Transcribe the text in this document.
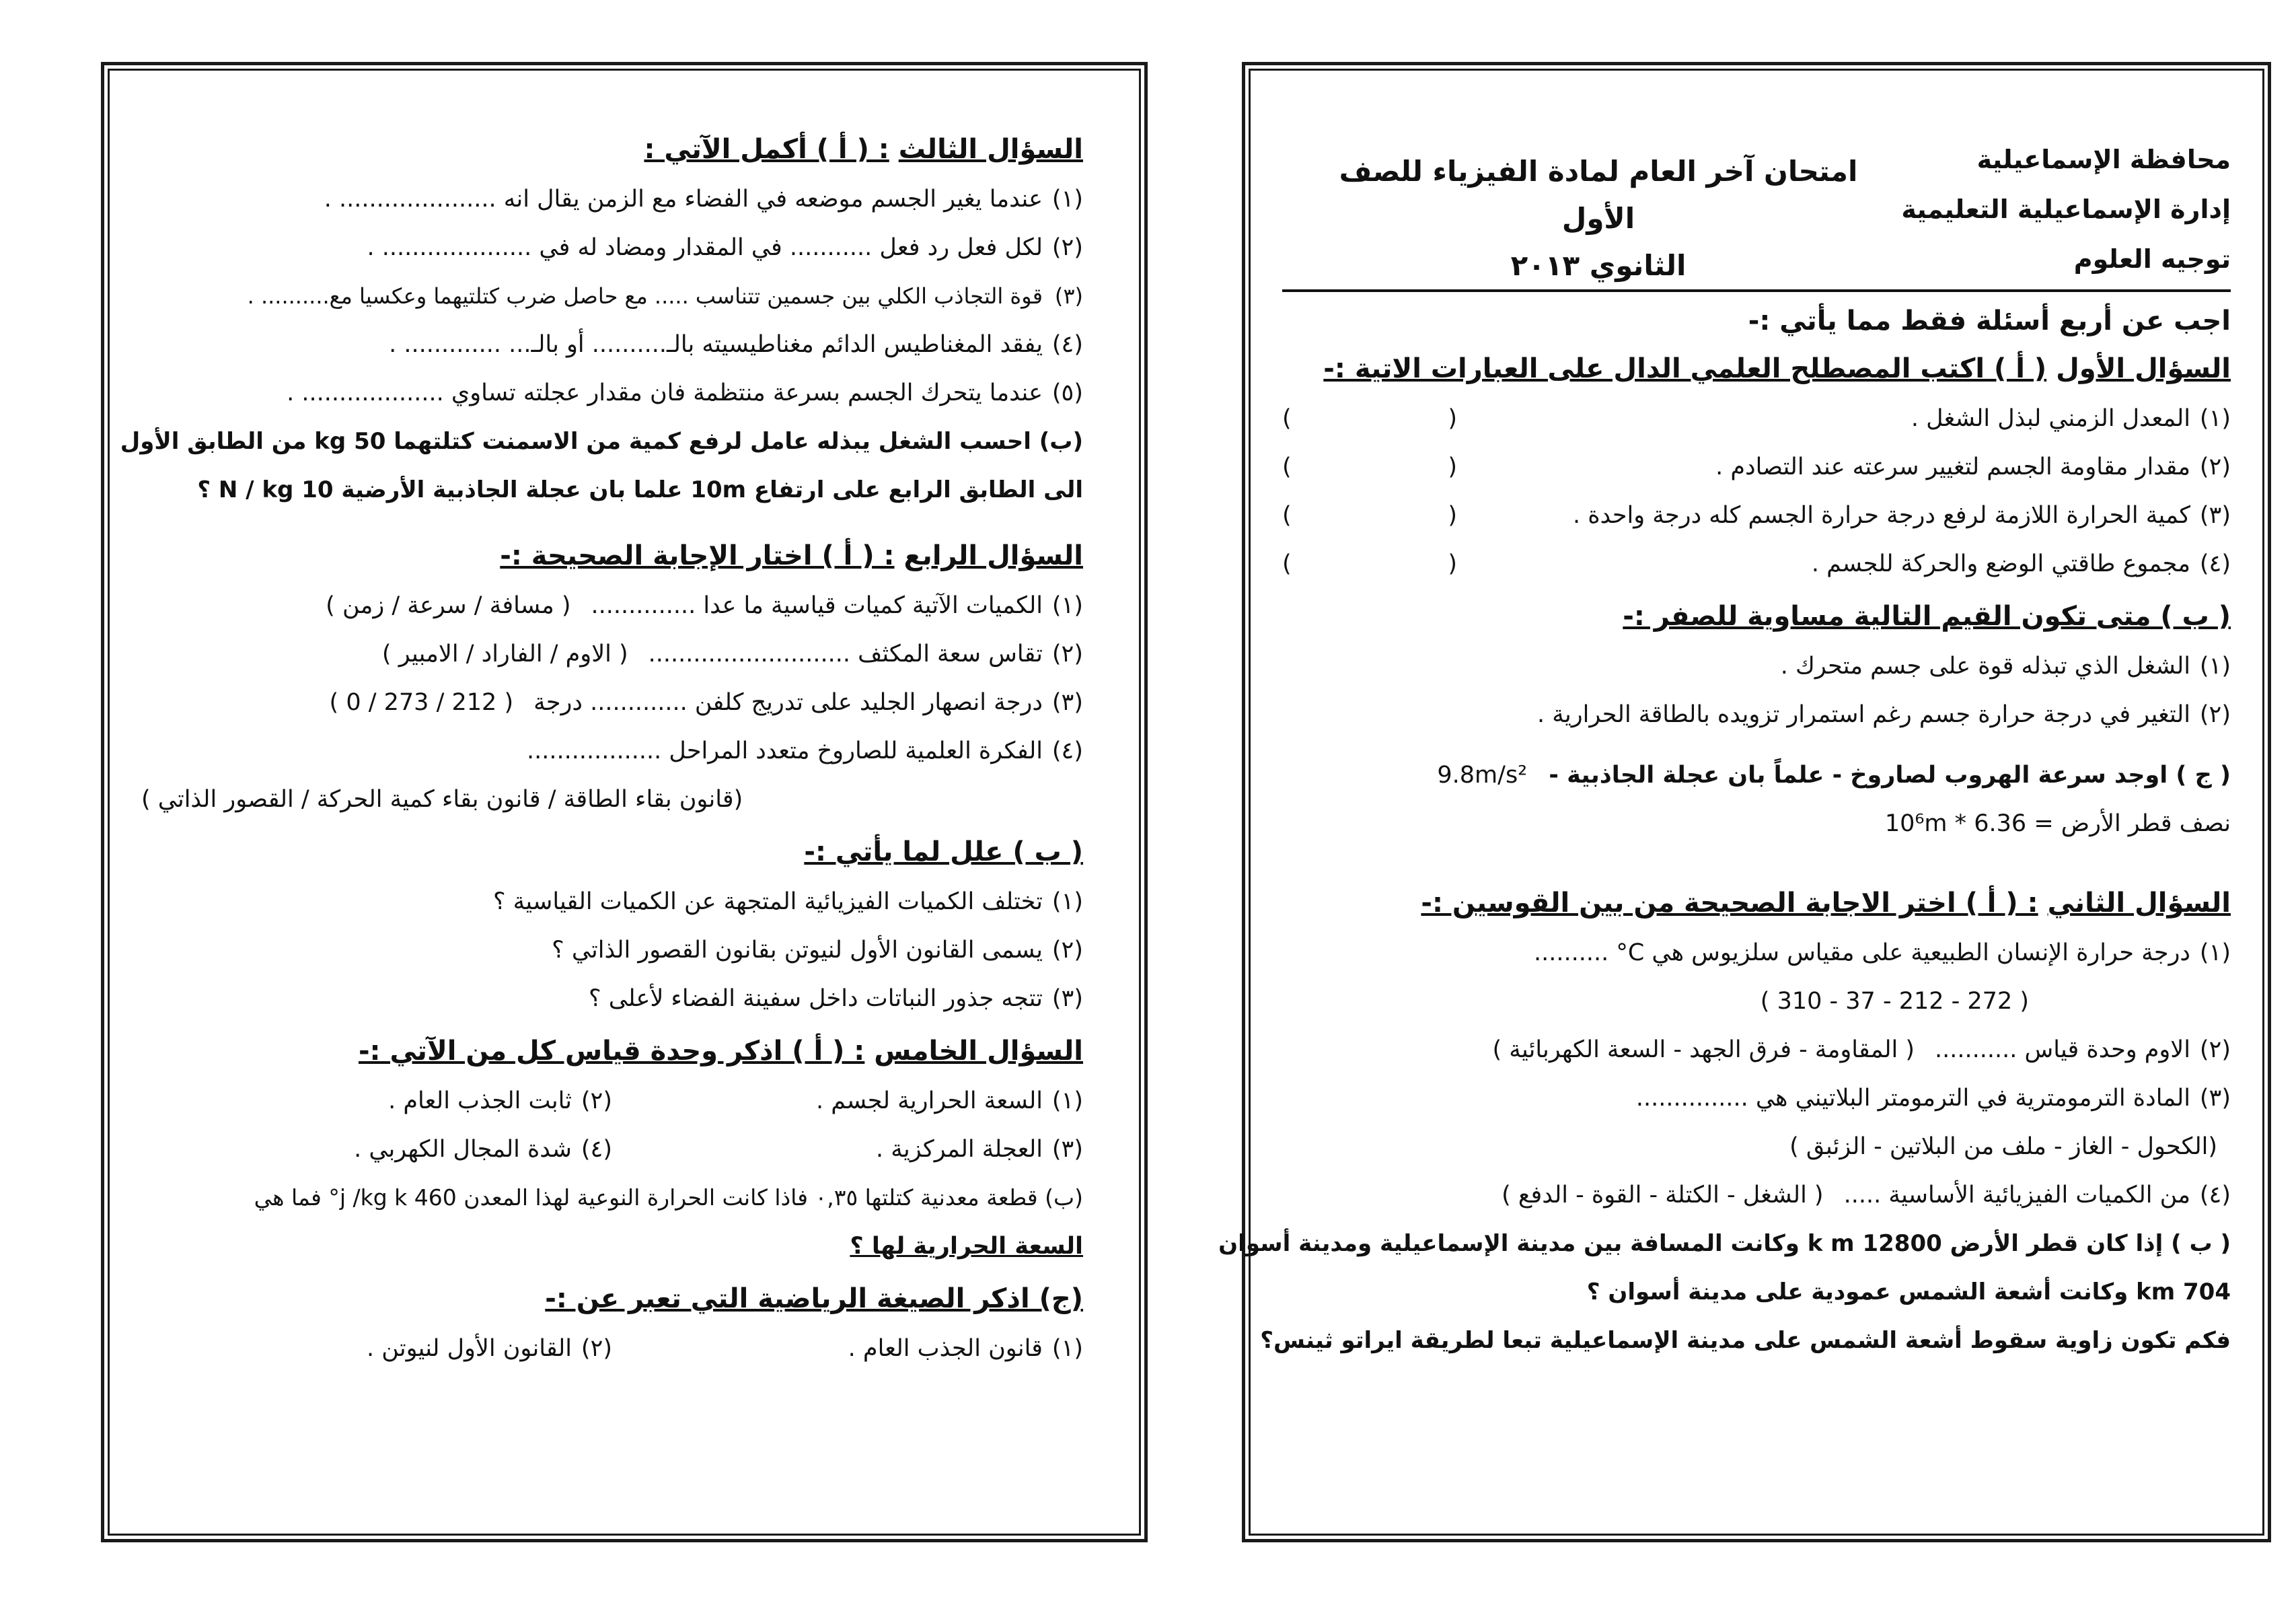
محافظة الإسماعيلية
إدارة الإسماعيلية التعليمية
توجيه العلوم
امتحان آخر العام لمادة الفيزياء للصف الأول
الثانوي ٢٠١٣
اجب عن أربع أسئلة فقط مما يأتي :-
السؤال الأول ( أ ) اكتب المصطلح العلمي الدال على العبارات الاتية :-
(١)المعدل الزمني لبذل الشغل .
(	)
(٢)مقدار مقاومة الجسم لتغيير سرعته عند التصادم .
(	)
(٣)كمية الحرارة اللازمة لرفع درجة حرارة الجسم كله درجة واحدة .
(	)
(٤)مجموع طاقتي الوضع والحركة للجسم .
(	)
( ب ) متى تكون القيم التالية مساوية للصفر :-
(١)الشغل الذي تبذله قوة على جسم متحرك .
(٢)التغير في درجة حرارة جسم رغم استمرار تزويده بالطاقة الحرارية .
( ج ) اوجد سرعة الهروب لصاروخ - علماً بان عجلة الجاذبية - 9.8m/s²
نصف قطر الأرض = 6.36 * 10⁶m
السؤال الثاني : ( أ ) اختر الاجابة الصحيحة من بين القوسين :-
(١)درجة حرارة الإنسان الطبيعية على مقياس سلزيوس هي C° ..........
( 272 - 212 - 37 - 310 )
(٢)الاوم وحدة قياس ...........( المقاومة - فرق الجهد - السعة الكهربائية )
(٣)المادة الترمومترية في الترمومتر البلاتيني هي ...............
(الكحول - الغاز - ملف من البلاتين - الزئبق )
(٤)من الكميات الفيزيائية الأساسية .....( الشغل - الكتلة - القوة - الدفع )
( ب ) إذا كان قطر الأرض 12800 k m وكانت المسافة بين مدينة الإسماعيلية ومدينة أسوان
704 km وكانت أشعة الشمس عمودية على مدينة أسوان ؟
فكم تكون زاوية سقوط أشعة الشمس على مدينة الإسماعيلية تبعا لطريقة ايراتو ثينس؟
السؤال الثالث : ( أ ) أكمل الآتي :
(١)عندما يغير الجسم موضعه في الفضاء مع الزمن يقال انه ..................... .
(٢)لكل فعل رد فعل ........... في المقدار ومضاد له في .................... .
(٣)قوة التجاذب الكلي بين جسمين تتناسب ..... مع حاصل ضرب كتلتيهما وعكسيا مع.......... .
(٤)يفقد المغناطيس الدائم مغناطيسيته بالـ.......... أو بالـ... ............. .
(٥)عندما يتحرك الجسم بسرعة منتظمة فان مقدار عجلته تساوي ................... .
(ب) احسب الشغل يبذله عامل لرفع كمية من الاسمنت كتلتهما 50 kg من الطابق الأول
الى الطابق الرابع على ارتفاع 10m علما بان عجلة الجاذبية الأرضية 10 N / kg ؟
السؤال الرابع : ( أ ) اختار الإجابة الصحيحة :-
(١)الكميات الآتية كميات قياسية ما عدا ..............( مسافة / سرعة / زمن )
(٢)تقاس سعة المكثف ...........................( الاوم / الفاراد / الامبير )
(٣)درجة انصهار الجليد على تدريج كلفن ............. درجة( 212 / 273 / 0 )
(٤)الفكرة العلمية للصاروخ متعدد المراحل ..................
(قانون بقاء الطاقة / قانون بقاء كمية الحركة / القصور الذاتي )
( ب ) علل لما يأتي :-
(١)تختلف الكميات الفيزيائية المتجهة عن الكميات القياسية ؟
(٢)يسمى القانون الأول لنيوتن بقانون القصور الذاتي ؟
(٣)تتجه جذور النباتات داخل سفينة الفضاء لأعلى ؟
السؤال الخامس : ( أ ) اذكر وحدة قياس كل من الآتي :-
(١)السعة الحرارية لجسم .
(٢)ثابت الجذب العام .
(٣)العجلة المركزية .
(٤)شدة المجال الكهربي .
(ب) قطعة معدنية كتلتها ٠,٣٥ فاذا كانت الحرارة النوعية لهذا المعدن 460 j /kg k° فما هي
السعة الحرارية لها ؟
(ج) اذكر الصيغة الرياضية التي تعبر عن :-
(١)قانون الجذب العام .
(٢)القانون الأول لنيوتن .
